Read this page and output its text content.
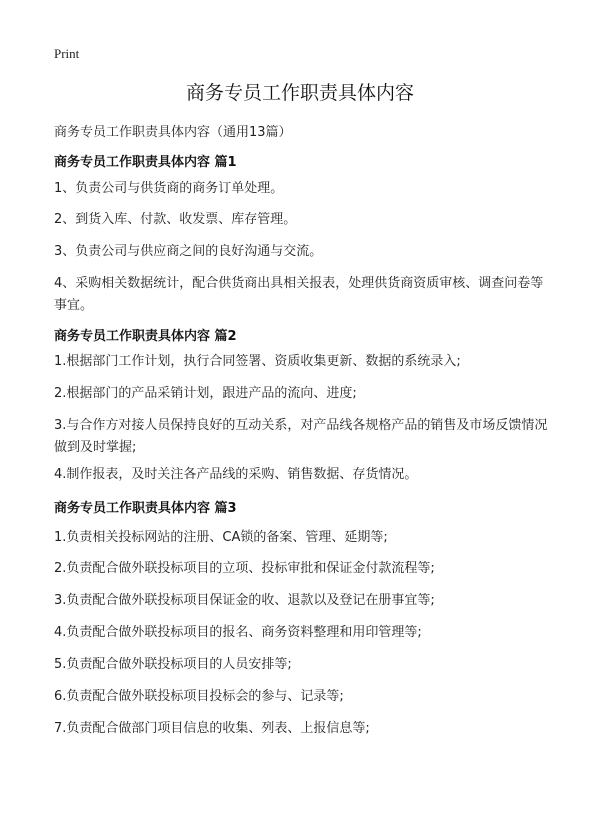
Print
商务专员工作职责具体内容
商务专员工作职责具体内容（通用13篇）
商务专员工作职责具体内容 篇1
1、负责公司与供货商的商务订单处理。
2、到货入库、付款、收发票、库存管理。
3、负责公司与供应商之间的良好沟通与交流。
4、采购相关数据统计，配合供货商出具相关报表，处理供货商资质审核、调查问卷等事宜。
商务专员工作职责具体内容 篇2
1.根据部门工作计划，执行合同签署、资质收集更新、数据的系统录入;
2.根据部门的产品采销计划，跟进产品的流向、进度;
3.与合作方对接人员保持良好的互动关系，对产品线各规格产品的销售及市场反馈情况做到及时掌握;
4.制作报表，及时关注各产品线的采购、销售数据、存货情况。
商务专员工作职责具体内容 篇3
1.负责相关投标网站的注册、CA锁的备案、管理、延期等;
2.负责配合做外联投标项目的立项、投标审批和保证金付款流程等;
3.负责配合做外联投标项目保证金的收、退款以及登记在册事宜等;
4.负责配合做外联投标项目的报名、商务资料整理和用印管理等;
5.负责配合做外联投标项目的人员安排等;
6.负责配合做外联投标项目投标会的参与、记录等;
7.负责配合做部门项目信息的收集、列表、上报信息等;
